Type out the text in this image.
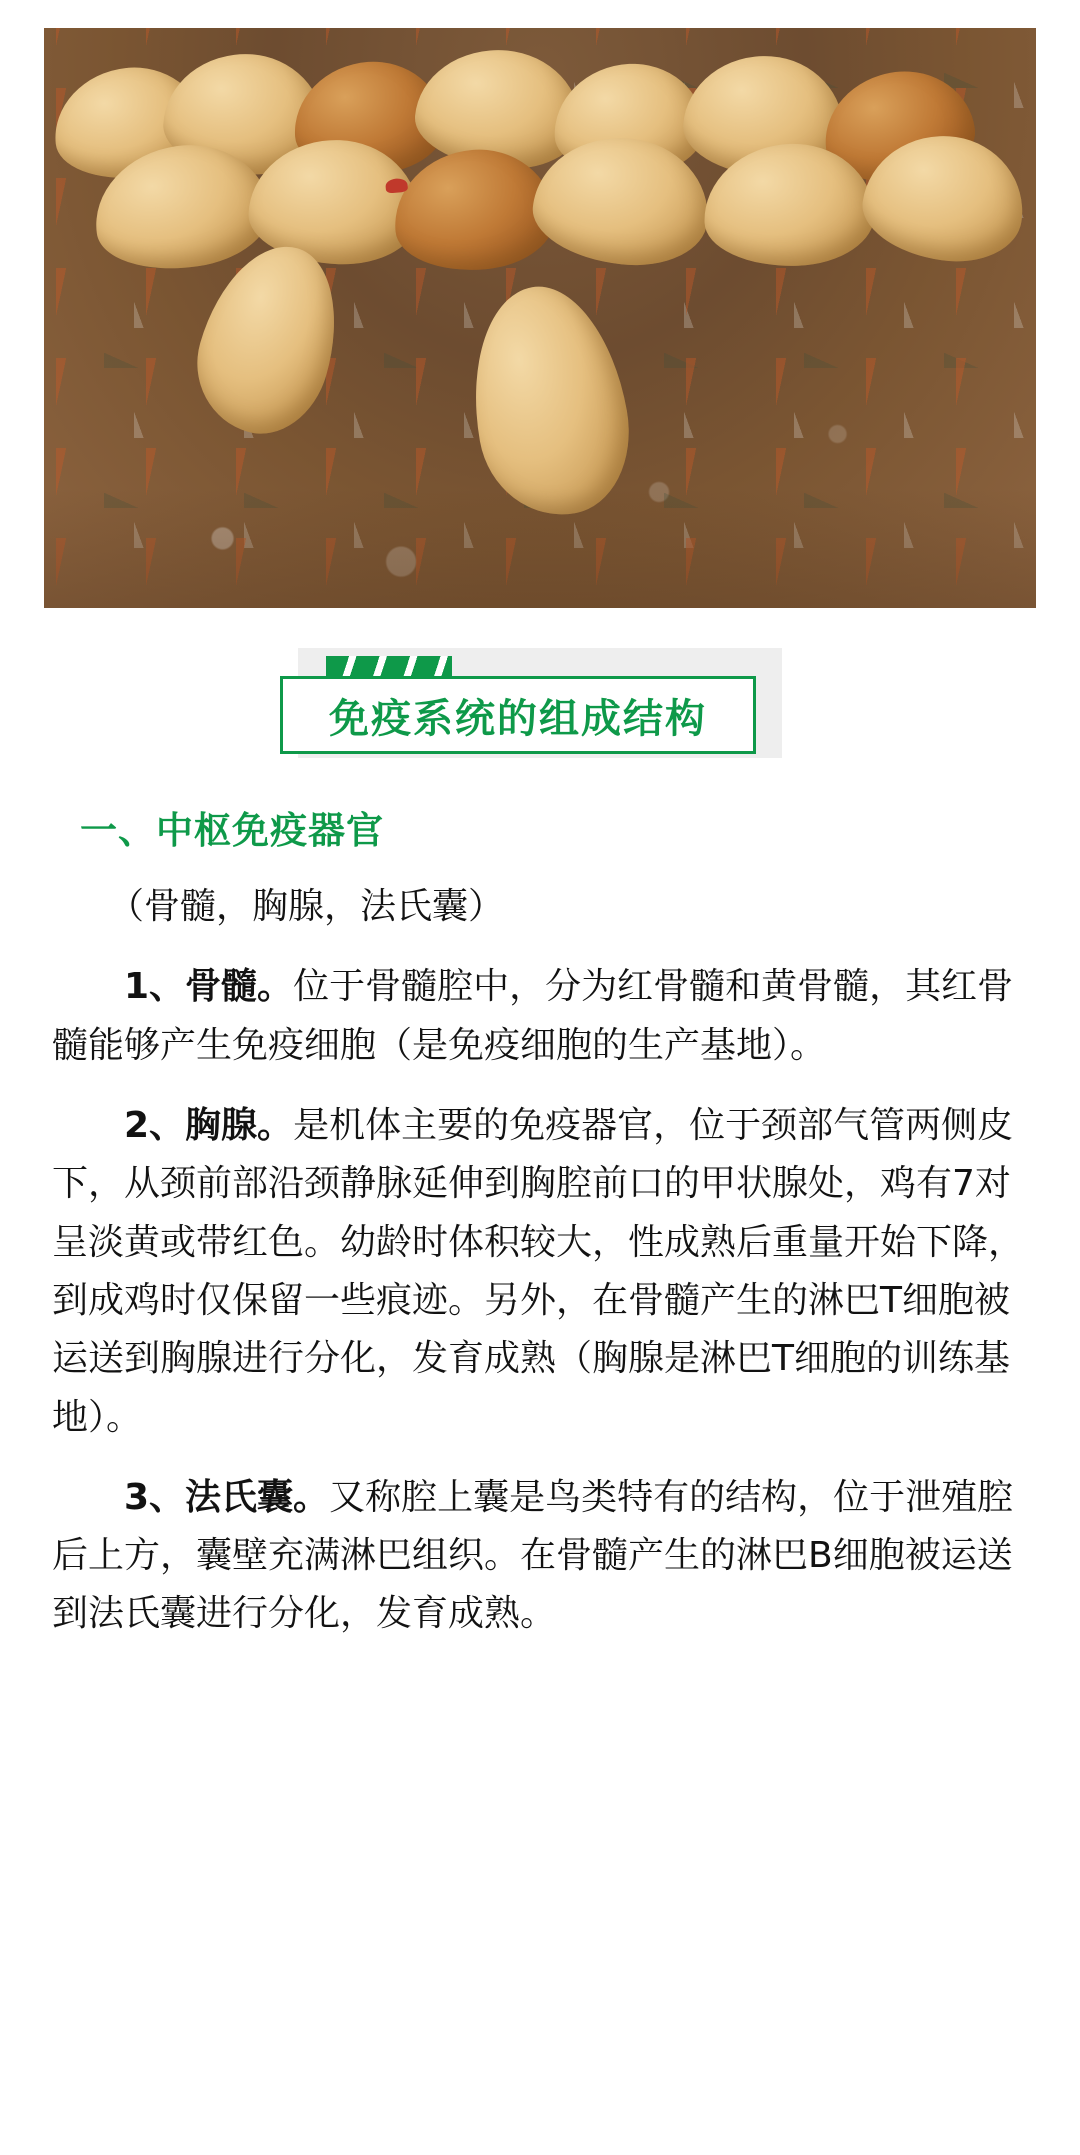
免疫系统的组成结构
一、中枢免疫器官

（骨髓，胸腺，法氏囊）

1、骨髓。位于骨髓腔中，分为红骨髓和黄骨髓，其红骨髓能够产生免疫细胞（是免疫细胞的生产基地）。

2、胸腺。是机体主要的免疫器官，位于颈部气管两侧皮下，从颈前部沿颈静脉延伸到胸腔前口的甲状腺处，鸡有7对呈淡黄或带红色。幼龄时体积较大，性成熟后重量开始下降，到成鸡时仅保留一些痕迹。另外，在骨髓产生的淋巴T细胞被运送到胸腺进行分化，发育成熟（胸腺是淋巴T细胞的训练基地）。

3、法氏囊。又称腔上囊是鸟类特有的结构，位于泄殖腔后上方，囊壁充满淋巴组织。在骨髓产生的淋巴B细胞被运送到法氏囊进行分化，发育成熟。
